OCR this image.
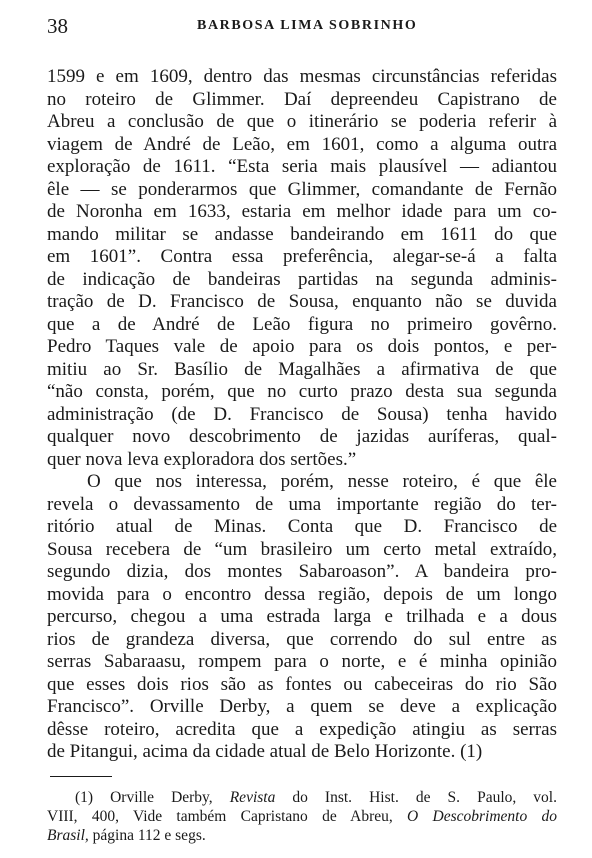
38	BARBOSA LIMA SOBRINHO
1599 e em 1609, dentro das mesmas circunstâncias referidas
no roteiro de Glimmer. Daí depreendeu Capistrano de
Abreu a conclusão de que o itinerário se poderia referir à
viagem de André de Leão, em 1601, como a alguma outra
exploração de 1611. “Esta seria mais plausível — adiantou
êle — se ponderarmos que Glimmer, comandante de Fernão
de Noronha em 1633, estaria em melhor idade para um co-
mando militar se andasse bandeirando em 1611 do que
em 1601”. Contra essa preferência, alegar-se-á a falta
de indicação de bandeiras partidas na segunda adminis-
tração de D. Francisco de Sousa, enquanto não se duvida
que a de André de Leão figura no primeiro govêrno.
Pedro Taques vale de apoio para os dois pontos, e per-
mitiu ao Sr. Basílio de Magalhães a afirmativa de que
“não consta, porém, que no curto prazo desta sua segunda
administração (de D. Francisco de Sousa) tenha havido
qualquer novo descobrimento de jazidas auríferas, qual-
quer nova leva exploradora dos sertões.”
O que nos interessa, porém, nesse roteiro, é que êle
revela o devassamento de uma importante região do ter-
ritório atual de Minas. Conta que D. Francisco de
Sousa recebera de “um brasileiro um certo metal extraído,
segundo dizia, dos montes Sabaroason”. A bandeira pro-
movida para o encontro dessa região, depois de um longo
percurso, chegou a uma estrada larga e trilhada e a dous
rios de grandeza diversa, que correndo do sul entre as
serras Sabaraasu, rompem para o norte, e é minha opinião
que esses dois rios são as fontes ou cabeceiras do rio São
Francisco”. Orville Derby, a quem se deve a explicação
dêsse roteiro, acredita que a expedição atingiu as serras
de Pitangui, acima da cidade atual de Belo Horizonte. (1)
(1) Orville Derby, Revista do Inst. Hist. de S. Paulo, vol.
VIII, 400, Vide também Capristano de Abreu, O Descobrimento do
Brasil, página 112 e segs.
